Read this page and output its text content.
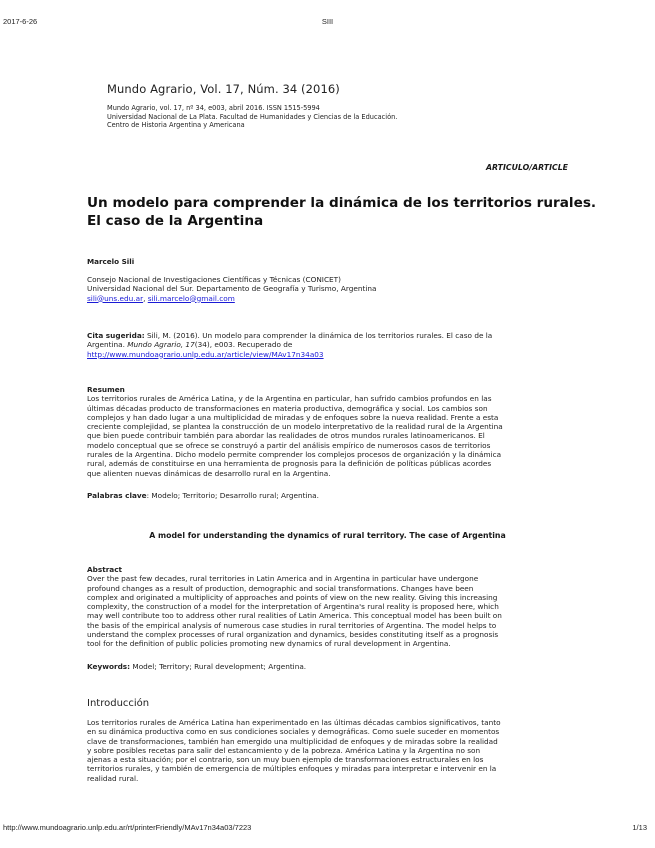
2017-6-26	SIII
Mundo Agrario, Vol. 17, Núm. 34 (2016)
Mundo Agrario, vol. 17, nº 34, e003, abril 2016. ISSN 1515-5994
Universidad Nacional de La Plata. Facultad de Humanidades y Ciencias de la Educación.
Centro de Historia Argentina y Americana
ARTICULO/ARTICLE
Un modelo para comprender la dinámica de los territorios rurales.
El caso de la Argentina
Marcelo Sili
Consejo Nacional de Investigaciones Científicas y Técnicas (CONICET)
Universidad Nacional del Sur. Departamento de Geografía y Turismo, Argentina
sili@uns.edu.ar, sili.marcelo@gmail.com
Cita sugerida: Sili, M. (2016). Un modelo para comprender la dinámica de los territorios rurales. El caso de la
Argentina. Mundo Agrario, 17(34), e003. Recuperado de
http://www.mundoagrario.unlp.edu.ar/article/view/MAv17n34a03
Resumen
Los territorios rurales de América Latina, y de la Argentina en particular, han sufrido cambios profundos en las
últimas décadas producto de transformaciones en materia productiva, demográfica y social. Los cambios son
complejos y han dado lugar a una multiplicidad de miradas y de enfoques sobre la nueva realidad. Frente a esta
creciente complejidad, se plantea la construcción de un modelo interpretativo de la realidad rural de la Argentina
que bien puede contribuir también para abordar las realidades de otros mundos rurales latinoamericanos. El
modelo conceptual que se ofrece se construyó a partir del análisis empírico de numerosos casos de territorios
rurales de la Argentina. Dicho modelo permite comprender los complejos procesos de organización y la dinámica
rural, además de constituirse en una herramienta de prognosis para la definición de políticas públicas acordes
que alienten nuevas dinámicas de desarrollo rural en la Argentina.
Palabras clave: Modelo; Territorio; Desarrollo rural; Argentina.
A model for understanding the dynamics of rural territory. The case of Argentina
Abstract
Over the past few decades, rural territories in Latin America and in Argentina in particular have undergone
profound changes as a result of production, demographic and social transformations. Changes have been
complex and originated a multiplicity of approaches and points of view on the new reality. Giving this increasing
complexity, the construction of a model for the interpretation of Argentina's rural reality is proposed here, which
may well contribute too to address other rural realities of Latin America. This conceptual model has been built on
the basis of the empirical analysis of numerous case studies in rural territories of Argentina. The model helps to
understand the complex processes of rural organization and dynamics, besides constituting itself as a prognosis
tool for the definition of public policies promoting new dynamics of rural development in Argentina.
Keywords: Model; Territory; Rural development; Argentina.
Introducción
Los territorios rurales de América Latina han experimentado en las últimas décadas cambios significativos, tanto
en su dinámica productiva como en sus condiciones sociales y demográficas. Como suele suceder en momentos
clave de transformaciones, también han emergido una multiplicidad de enfoques y de miradas sobre la realidad
y sobre posibles recetas para salir del estancamiento y de la pobreza. América Latina y la Argentina no son
ajenas a esta situación; por el contrario, son un muy buen ejemplo de transformaciones estructurales en los
territorios rurales, y también de emergencia de múltiples enfoques y miradas para interpretar e intervenir en la
realidad rural.
http://www.mundoagrario.unlp.edu.ar/rt/printerFriendly/MAv17n34a03/7223	1/13
